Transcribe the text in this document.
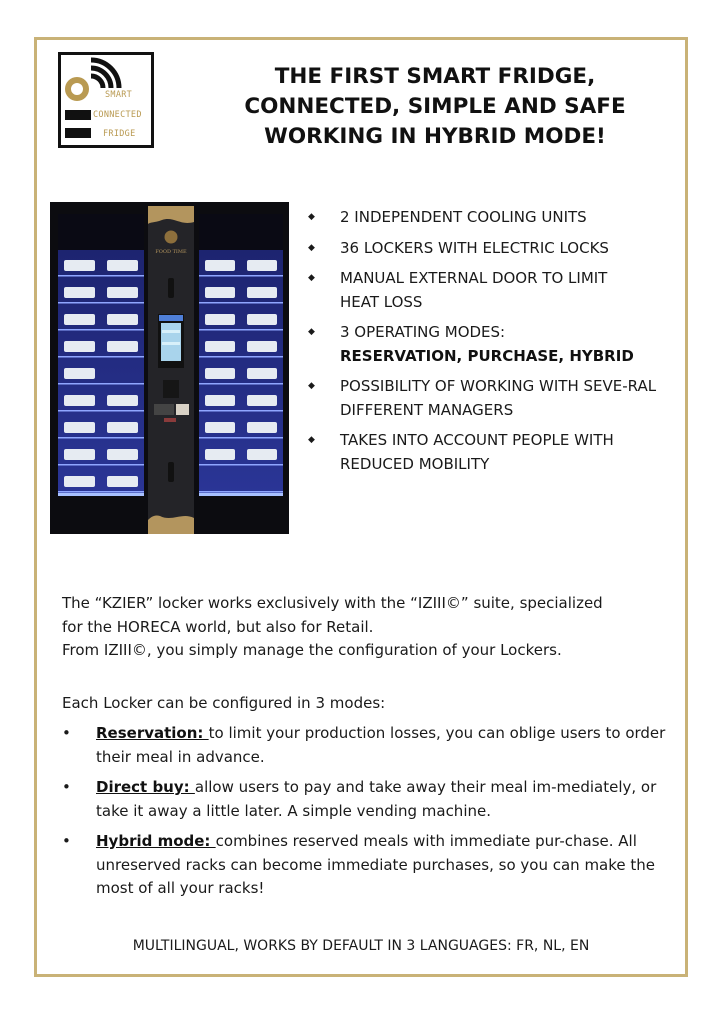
SMART
CONNECTED
FRIDGE
THE FIRST SMART FRIDGE,
CONNECTED, SIMPLE AND SAFE
WORKING IN HYBRID MODE!
FOOD TIME
◆ 2 INDEPENDENT COOLING UNITS
◆ 36 LOCKERS WITH ELECTRIC LOCKS
◆ MANUAL EXTERNAL DOOR TO LIMIT HEAT LOSS
◆ 3 OPERATING MODES:
RESERVATION, PURCHASE, HYBRID
◆ POSSIBILITY OF WORKING WITH SEVE-RAL DIFFERENT MANAGERS
◆ TAKES INTO ACCOUNT PEOPLE WITH REDUCED MOBILITY
The “KZIER” locker works exclusively with the “IZIII©” suite, specialized
for the HORECA world, but also for Retail.
From IZIII©, you simply manage the configuration of your Lockers.
Each Locker can be configured in 3 modes:
• Reservation: to limit your production losses, you can oblige users to order their meal in advance.
• Direct buy: allow users to pay and take away their meal im-mediately, or take it away a little later. A simple vending machine.
• Hybrid mode: combines reserved meals with immediate pur-chase. All unreserved racks can become immediate purchases, so you can make the most of all your racks!
MULTILINGUAL, WORKS BY DEFAULT IN 3 LANGUAGES: FR, NL, EN
